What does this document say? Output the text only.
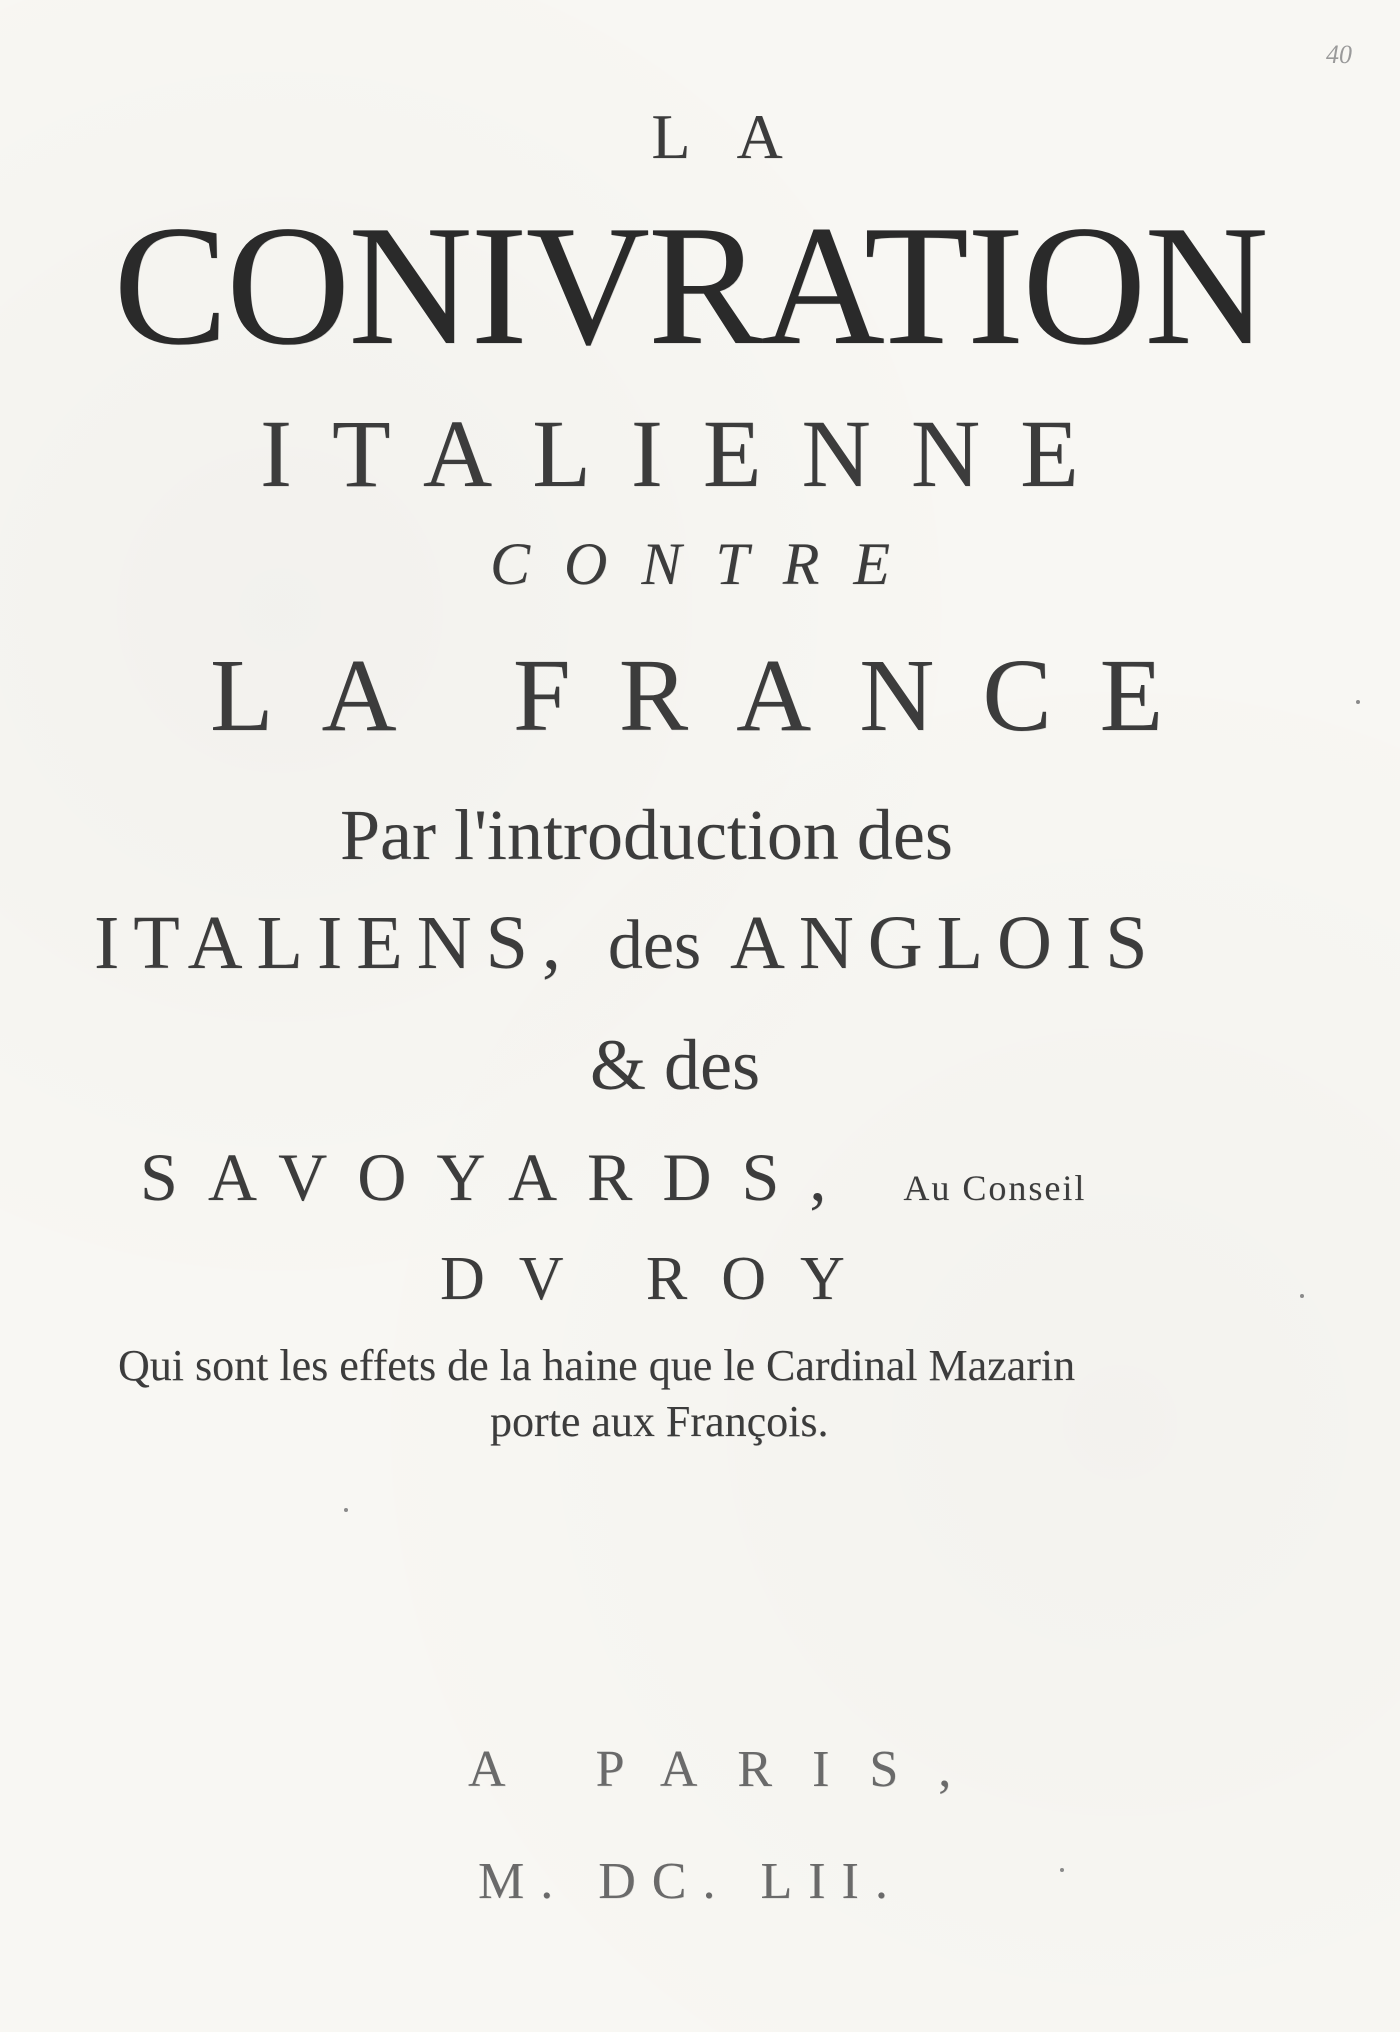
40
LA
CONIVRATION
ITALIENNE
CONTRE
LA FRANCE
Par l'introduction des
ITALIENS, des ANGLOIS
& des
SAVOYARDS, Au Conseil
DV ROY
Qui sont les effets de la haine que le Cardinal Mazarin
porte aux François.
A PARIS,
M. DC. LII.
